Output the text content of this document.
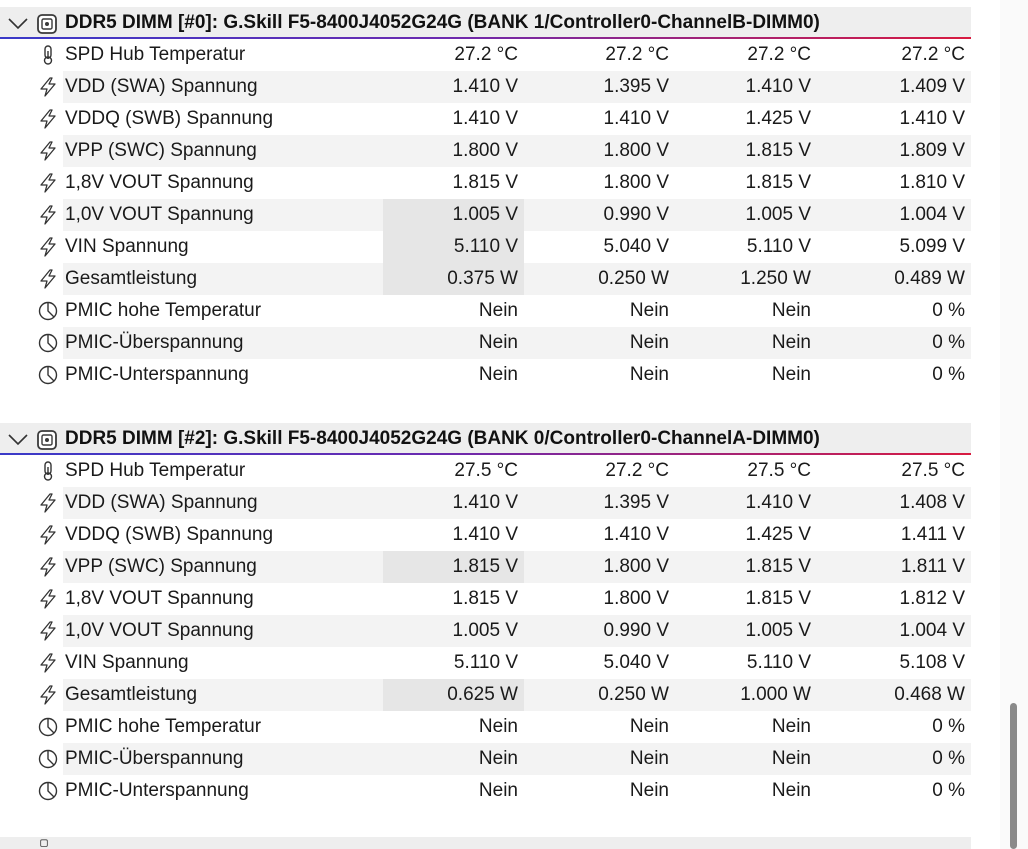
DDR5 DIMM [#0]: G.Skill F5-8400J4052G24G (BANK 1/Controller0-ChannelB-DIMM0)
SPD Hub Temperatur	27.2 °C	27.2 °C	27.2 °C	27.2 °C
VDD (SWA) Spannung	1.410 V	1.395 V	1.410 V	1.409 V
VDDQ (SWB) Spannung	1.410 V	1.410 V	1.425 V	1.410 V
VPP (SWC) Spannung	1.800 V	1.800 V	1.815 V	1.809 V
1,8V VOUT Spannung	1.815 V	1.800 V	1.815 V	1.810 V
1,0V VOUT Spannung	1.005 V	0.990 V	1.005 V	1.004 V
VIN Spannung	5.110 V	5.040 V	5.110 V	5.099 V
Gesamtleistung	0.375 W	0.250 W	1.250 W	0.489 W
PMIC hohe Temperatur	Nein	Nein	Nein	0 %
PMIC-Überspannung	Nein	Nein	Nein	0 %
PMIC-Unterspannung	Nein	Nein	Nein	0 %
DDR5 DIMM [#2]: G.Skill F5-8400J4052G24G (BANK 0/Controller0-ChannelA-DIMM0)
SPD Hub Temperatur	27.5 °C	27.2 °C	27.5 °C	27.5 °C
VDD (SWA) Spannung	1.410 V	1.395 V	1.410 V	1.408 V
VDDQ (SWB) Spannung	1.410 V	1.410 V	1.425 V	1.411 V
VPP (SWC) Spannung	1.815 V	1.800 V	1.815 V	1.811 V
1,8V VOUT Spannung	1.815 V	1.800 V	1.815 V	1.812 V
1,0V VOUT Spannung	1.005 V	0.990 V	1.005 V	1.004 V
VIN Spannung	5.110 V	5.040 V	5.110 V	5.108 V
Gesamtleistung	0.625 W	0.250 W	1.000 W	0.468 W
PMIC hohe Temperatur	Nein	Nein	Nein	0 %
PMIC-Überspannung	Nein	Nein	Nein	0 %
PMIC-Unterspannung	Nein	Nein	Nein	0 %
